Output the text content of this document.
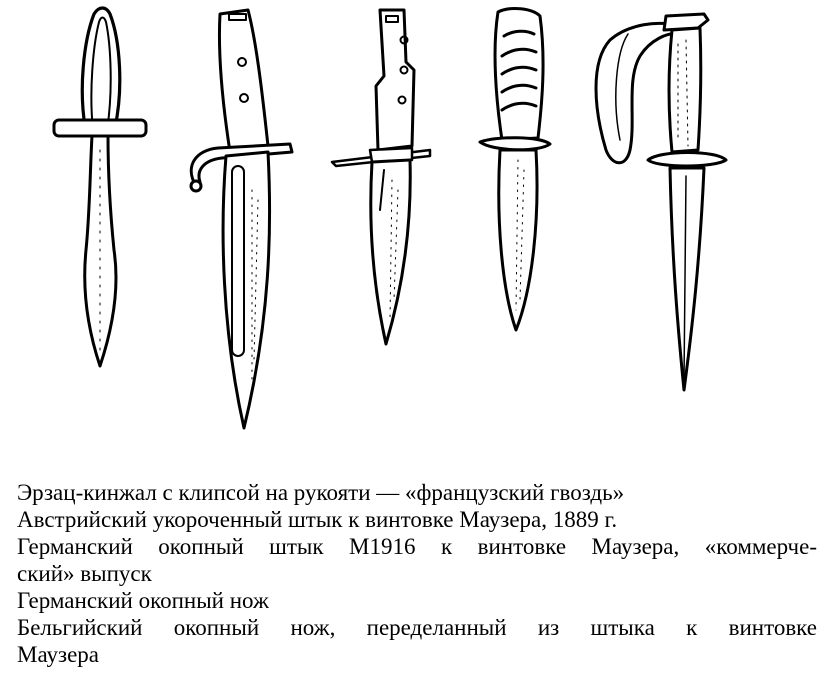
Эрзац-кинжал с клипсой на рукояти — «французский гвоздь»
Австрийский укороченный штык к винтовке Маузера, 1889 г.
Германский окопный штык M1916 к винтовке Маузера, «коммерче-
ский» выпуск
Германский окопный нож
Бельгийский окопный нож, переделанный из штыка к винтовке
Маузера
